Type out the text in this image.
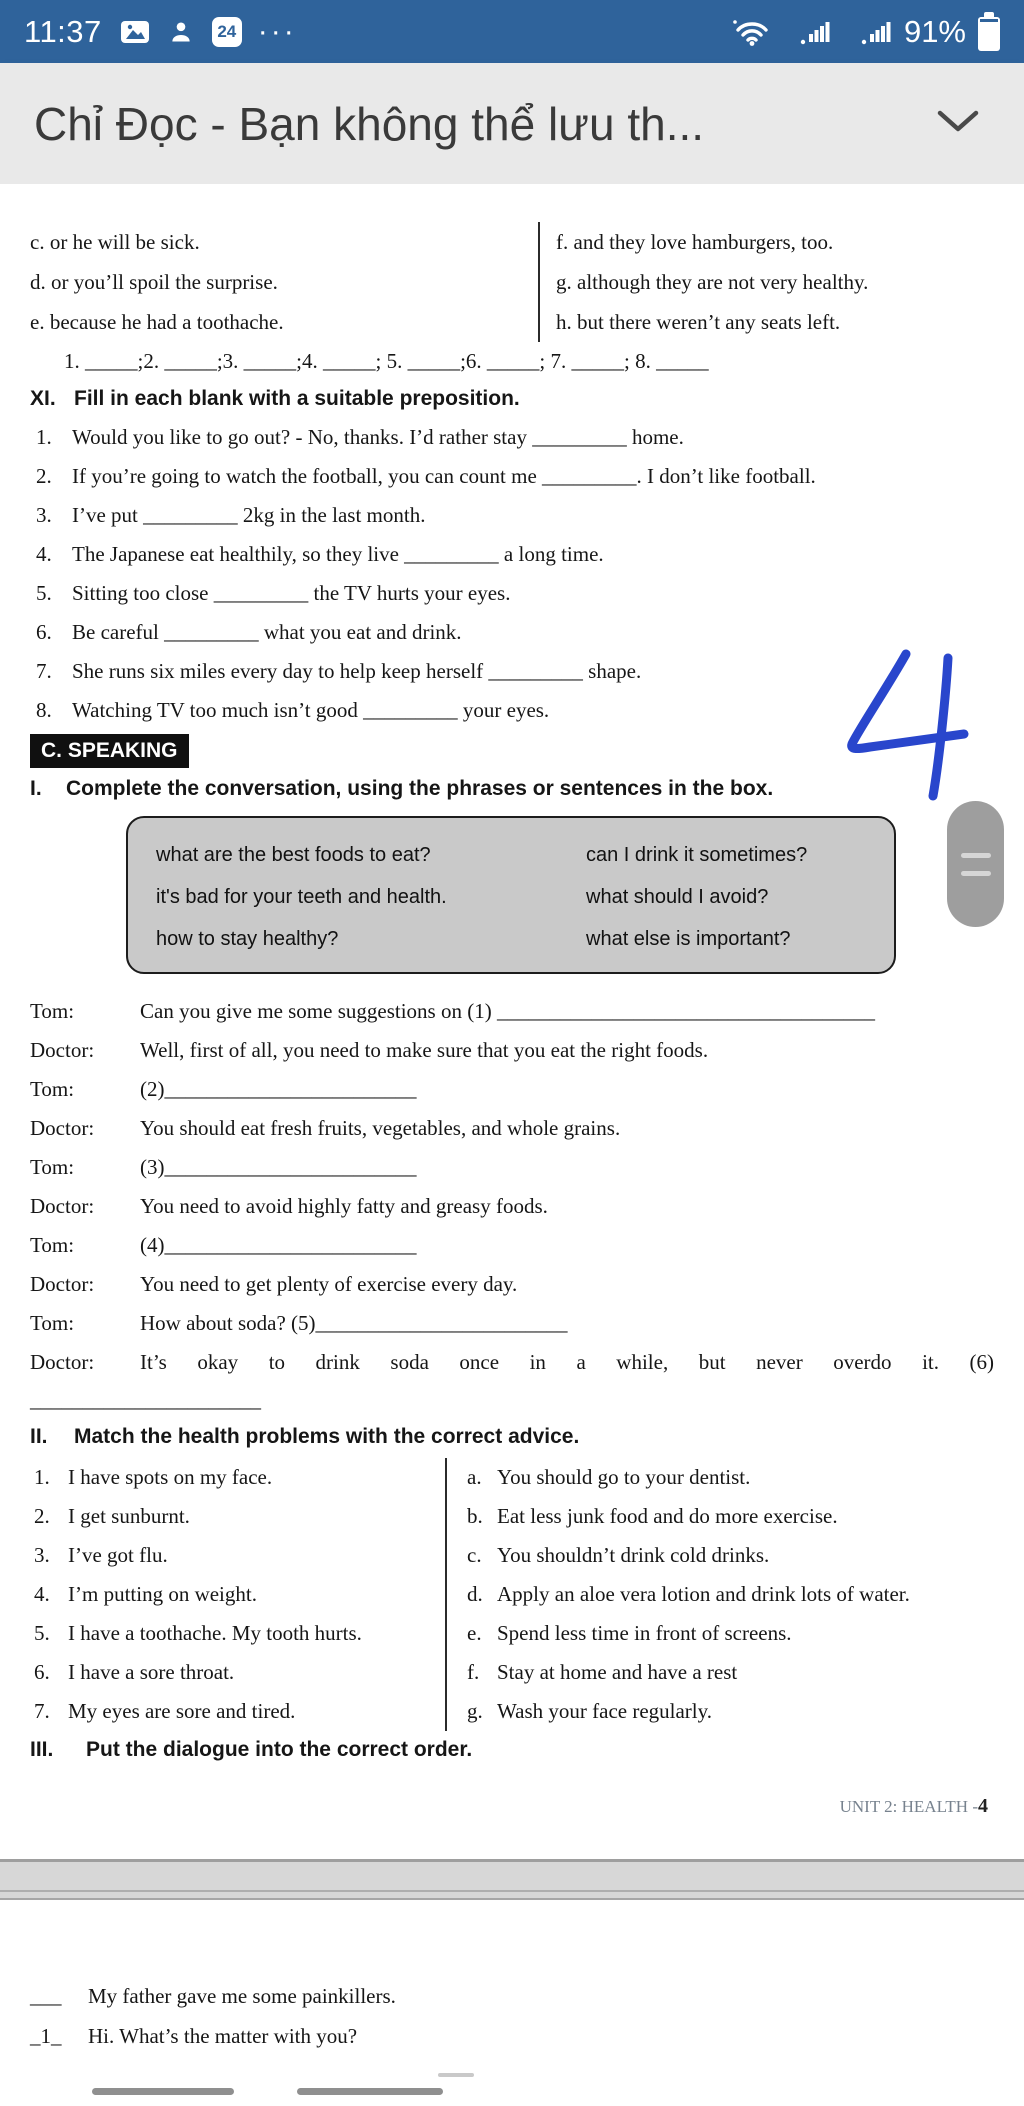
11:37	24 ···	91%
Chỉ Đọc - Bạn không thể lưu th...
c. or he will be sick.
d. or you’ll spoil the surprise.
e. because he had a toothache.
f. and they love hamburgers, too.
g. although they are not very healthy.
h. but there weren’t any seats left.
1. _____;2. _____;3. _____;4. _____; 5. _____;6. _____; 7. _____; 8. _____
XI. Fill in each blank with a suitable preposition.
1. Would you like to go out? - No, thanks. I’d rather stay _________ home.
2. If you’re going to watch the football, you can count me _________. I don’t like football.
3. I’ve put _________ 2kg in the last month.
4. The Japanese eat healthily, so they live _________ a long time.
5. Sitting too close _________ the TV hurts your eyes.
6. Be careful _________ what you eat and drink.
7. She runs six miles every day to help keep herself _________ shape.
8. Watching TV too much isn’t good _________ your eyes.
C. SPEAKING
I.	Complete the conversation, using the phrases or sentences in the box.
what are the best foods to eat?
it's bad for your teeth and health.
how to stay healthy?
can I drink it sometimes?
what should I avoid?
what else is important?
Tom:	Can you give me some suggestions on (1) ____________________________________
Doctor:	Well, first of all, you need to make sure that you eat the right foods.
Tom:	(2)________________________
Doctor:	You should eat fresh fruits, vegetables, and whole grains.
Tom:	(3)________________________
Doctor:	You need to avoid highly fatty and greasy foods.
Tom:	(4)________________________
Doctor:	You need to get plenty of exercise every day.
Tom:	How about soda? (5)________________________
Doctor:	It’s okay to drink soda once in a while, but never overdo it. (6)
______________________
II.	Match the health problems with the correct advice.
1. I have spots on my face.
2. I get sunburnt.
3. I’ve got flu.
4. I’m putting on weight.
5. I have a toothache. My tooth hurts.
6. I have a sore throat.
7. My eyes are sore and tired.
a. You should go to your dentist.
b. Eat less junk food and do more exercise.
c. You shouldn’t drink cold drinks.
d. Apply an aloe vera lotion and drink lots of water.
e. Spend less time in front of screens.
f. Stay at home and have a rest
g. Wash your face regularly.
III.	Put the dialogue into the correct order.
UNIT 2: HEALTH -4
___	My father gave me some painkillers.
_1_	Hi. What’s the matter with you?
